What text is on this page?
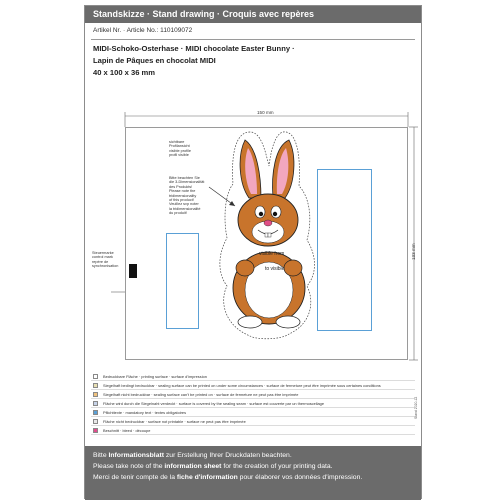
Standskizze · Stand drawing · Croquis avec repères
Artikel Nr. · Article No.: 110109072
MIDI-Schoko-Osterhase · MIDI chocolate Easter Bunny ·
Lapin de Pâques en chocolat MIDI
40 x 100 x 36 mm
150 mm
133 mm
Steuermarke
control mark
repère de
synchronisation
sichtbare
Profilansicht
visible profile
profil visible
Bitte beachten Sie
die 3-Dimensionalität
des Produkts!
Please note the
tridimensionality
of this product!
Veuillez svp noter
la tridimensionalité
du produit!
visible from
to visible
Bedruckbare Fläche · printing surface · surface d'impression
Siegelhaft bedingt bedruckbar · sealing surface can be printed on under some circumstances · surface de fermeture peut être imprimée sous certaines conditions
Siegelhaft nicht bedruckbar · sealing surface can't be printed on · surface de fermeture ne peut pas être imprimée
Fläche wird durch die Siegelnaht verdeckt · surface is covered by the sealing seam · surface est couverte par un thermoscellage
Pflichttexte · mandatory text · textes obligatoires
Fläche nicht bedruckbar · surface not printable · surface ne peut pas être imprimée
Beschnitt · bleed · découpe
Stand 2020-12
Bitte Informationsblatt zur Erstellung Ihrer Druckdaten beachten.
Please take note of the information sheet for the creation of your printing data.
Merci de tenir compte de la fiche d'information pour élaborer vos données d'impression.
